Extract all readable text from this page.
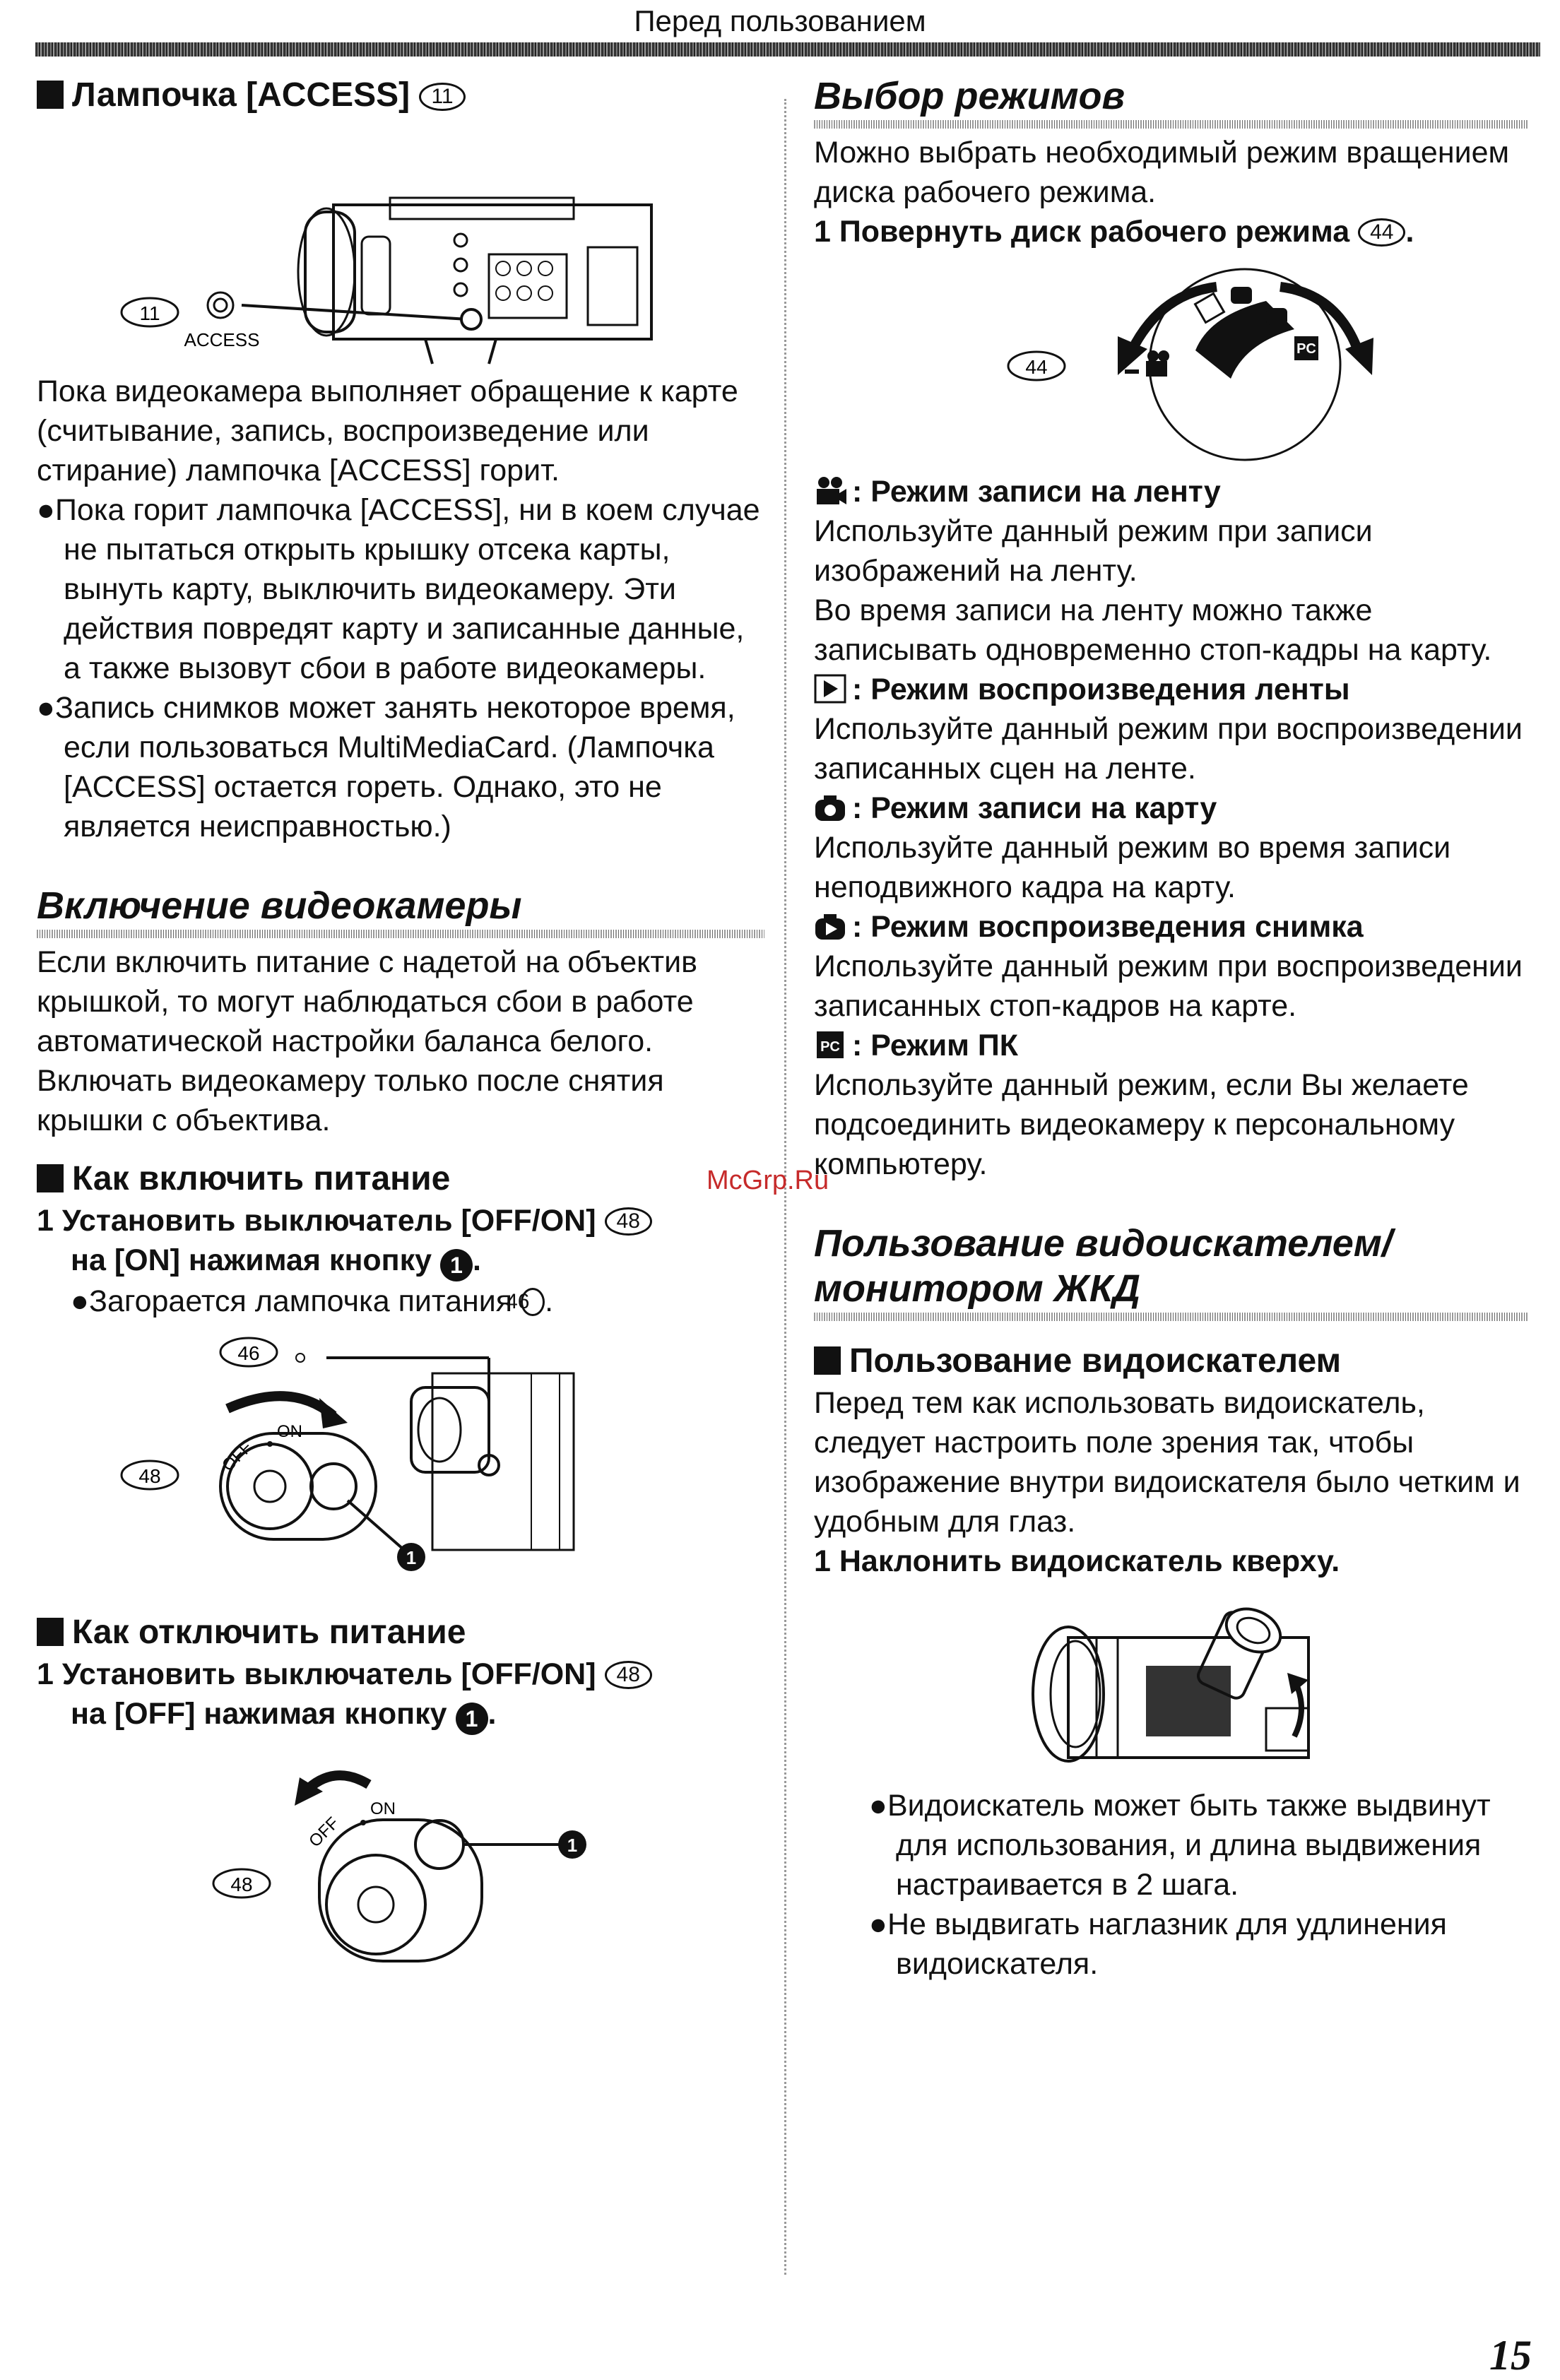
Перед пользованием

Лампочка [ACCESS] 11

11
ACCESS

Пока видеокамера выполняет обращение к карте (считывание, запись, воспроизведение или стирание) лампочка [ACCESS] горит.

●Пока горит лампочка [ACCESS], ни в коем случае не пытаться открыть крышку отсека карты, вынуть карту, выключить видеокамеру. Эти действия повредят карту и записанные данные, а также вызовут сбои в работе видеокамеры.

●Запись снимков может занять некоторое время, если пользоваться MultiMediaCard. (Лампочка [ACCESS] остается гореть. Однако, это не является неисправностью.)

Включение видеокамеры

Если включить питание с надетой на объектив крышкой, то могут наблюдаться сбои в работе автоматической настройки баланса белого. Включать видеокамеру только после снятия крышки с объектива.

Как включить питание

1 Установить выключатель [OFF/ON] 48
на [ON] нажимая кнопку 1 .

●Загорается лампочка питания 46 .

46
OFF
ON
48
1

Как отключить питание

1 Установить выключатель [OFF/ON] 48
на [OFF] нажимая кнопку 1 .

OFF
ON
1
48

Выбор режимов

Можно выбрать необходимый режим вращением диска рабочего режима.

1 Повернуть диск рабочего режима 44 .

44
PC

: Режим записи на ленту

Используйте данный режим при записи изображений на ленту.

Во время записи на ленту можно также записывать одновременно стоп-кадры на карту.

: Режим воспроизведения ленты

Используйте данный режим при воспроизведении записанных сцен на ленте.

: Режим записи на карту

Используйте данный режим во время записи неподвижного кадра на карту.

: Режим воспроизведения снимка

Используйте данный режим при воспроизведении записанных стоп-кадров на карте.

PC : Режим ПК

Используйте данный режим, если Вы желаете подсоединить видеокамеру к персональному компьютеру.

Пользование видоискателем/монитором ЖКД

Пользование видоискателем

Перед тем как использовать видоискатель, следует настроить поле зрения так, чтобы изображение внутри видоискателя было четким и удобным для глаз.

1 Наклонить видоискатель кверху.

●Видоискатель может быть также выдвинут для использования, и длина выдвижения настраивается в 2 шага.

●Не выдвигать наглазник для удлинения видоискателя.

McGrp.Ru
15
